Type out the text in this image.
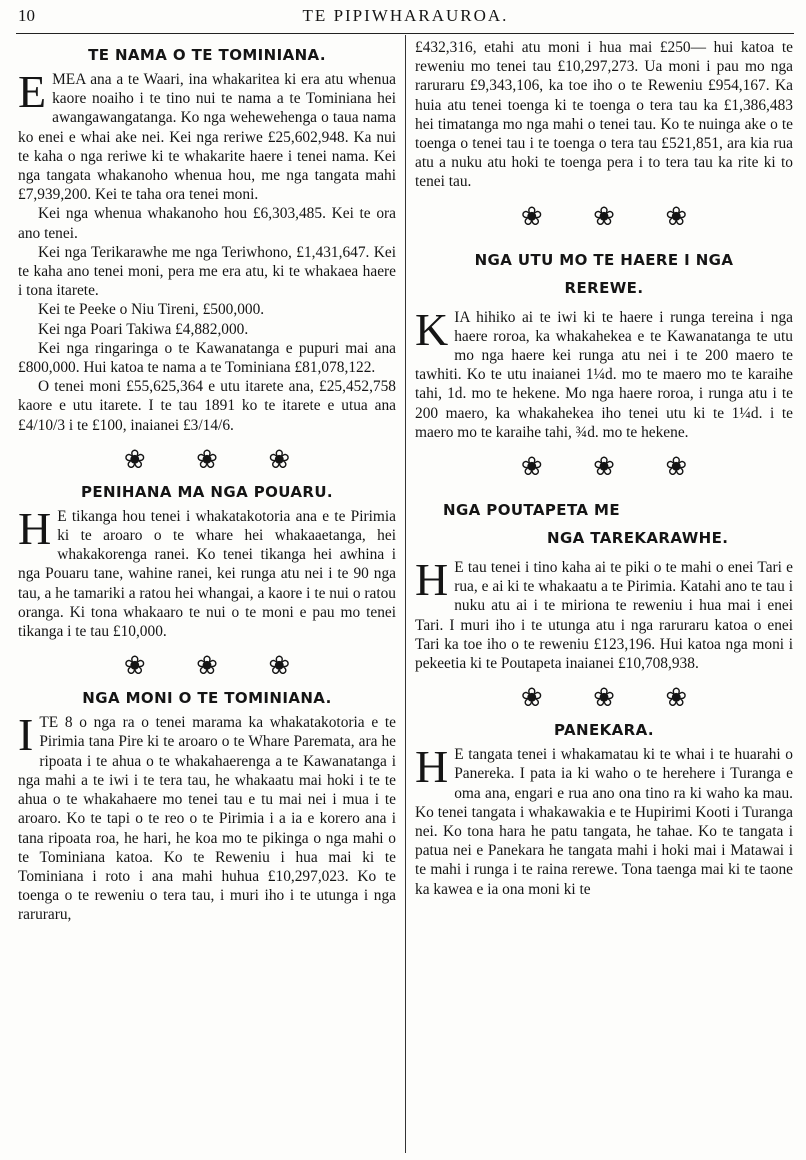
10	TE PIPIWHARAUROA.
TE NAMA O TE TOMINIANA.

EMEA ana a te Waari, ina whakaritea ki era atu whenua kaore noaiho i te tino nui te nama a te Tominiana hei awangawangatanga. Ko nga wehewehenga o taua nama ko enei e whai ake nei. Kei nga reriwe £25,602,948. Ka nui te kaha o nga reriwe ki te whakarite haere i tenei nama. Kei nga tangata whakanoho whenua hou, me nga tangata mahi £7,939,200. Kei te taha ora tenei moni.

Kei nga whenua whakanoho hou £6,303,485. Kei te ora ano tenei.

Kei nga Terikarawhe me nga Teriwhono, £1,431,647. Kei te kaha ano tenei moni, pera me era atu, ki te whakaea haere i tona itarete.

Kei te Peeke o Niu Tireni, £500,000.

Kei nga Poari Takiwa £4,882,000.

Kei nga ringaringa o te Kawanatanga e pupuri mai ana £800,000. Hui katoa te nama a te Tominiana £81,078,122.

O tenei moni £55,625,364 e utu itarete ana, £25,452,758 kaore e utu itarete. I te tau 1891 ko te itarete e utua ana £4/10/3 i te £100, inaianei £3/14/6.

❀ ❀ ❀
PENIHANA MA NGA POUARU.

H E tikanga hou tenei i whakatakotoria ana e te Pirimia ki te aroaro o te whare hei whakaaetanga, hei whakakorenga ranei. Ko tenei tikanga hei awhina i nga Pouaru tane, wahine ranei, kei runga atu nei i te 90 nga tau, a he tamariki a ratou hei whangai, a kaore i te nui o ratou oranga. Ki tona whakaaro te nui o te moni e pau mo tenei tikanga i te tau £10,000.

❀ ❀ ❀
NGA MONI O TE TOMINIANA.

ITE 8 o nga ra o tenei marama ka whakatakotoria e te Pirimia tana Pire ki te aroaro o te Whare Paremata, ara he ripoata i te ahua o te whakahaerenga a te Kawanatanga i nga mahi a te iwi i te tera tau, he whakaatu mai hoki i te te ahua o te whakahaere mo tenei tau e tu mai nei i mua i te aroaro. Ko te tapi o te reo o te Pirimia i a ia e korero ana i tana ripoata roa, he hari, he koa mo te pikinga o nga mahi o te Tominiana katoa. Ko te Reweniu i hua mai ki te Tominiana i roto i ana mahi huhua £10,297,023. Ko te toenga o te reweniu o tera tau, i muri iho i te utunga i nga raruraru,

£432,316, etahi atu moni i hua mai £250— hui katoa te reweniu mo tenei tau £10,297,273. Ua moni i pau mo nga raruraru £9,343,106, ka toe iho o te Reweniu £954,167. Ka huia atu tenei toenga ki te toenga o tera tau ka £1,386,483 hei timatanga mo nga mahi o tenei tau. Ko te nuinga ake o te toenga o tenei tau i te toenga o tera tau £521,851, ara kia rua atu a nuku atu hoki te toenga pera i to tera tau ka rite ki to tenei tau.

❀ ❀ ❀
NGA UTU MO TE HAERE I NGA
REREWE.

KIA hihiko ai te iwi ki te haere i runga tereina i nga haere roroa, ka whakahekea e te Kawanatanga te utu mo nga haere kei runga atu nei i te 200 maero te tawhiti. Ko te utu inaianei 1¼d. mo te maero mo te karaihe tahi, 1d. mo te hekene. Mo nga haere roroa, i runga atu i te 200 maero, ka whakahekea iho tenei utu ki te 1¼d. i te maero mo te karaihe tahi, ¾d. mo te hekene.

❀ ❀ ❀
NGA POUTAPETA ME
NGA TAREKARAWHE.

H E tau tenei i tino kaha ai te piki o te mahi o enei Tari e rua, e ai ki te whakaatu a te Pirimia. Katahi ano te tau i nuku atu ai i te miriona te reweniu i hua mai i enei Tari. I muri iho i te utunga atu i nga raruraru katoa o enei Tari ka toe iho o te reweniu £123,196. Hui katoa nga moni i pekeetia ki te Poutapeta inaianei £10,708,938.

❀ ❀ ❀
PANEKARA.

H E tangata tenei i whakamatau ki te whai i te huarahi o Panereka. I pata ia ki waho o te herehere i Turanga e oma ana, engari e rua ano ona tino ra ki waho ka mau. Ko tenei tangata i whakawakia e te Hupirimi Kooti i Turanga nei. Ko tona hara he patu tangata, he tahae. Ko te tangata i patua nei e Panekara he tangata mahi i hoki mai i Matawai i te mahi i runga i te raina rerewe. Tona taenga mai ki te taone ka kawea e ia ona moni ki te
